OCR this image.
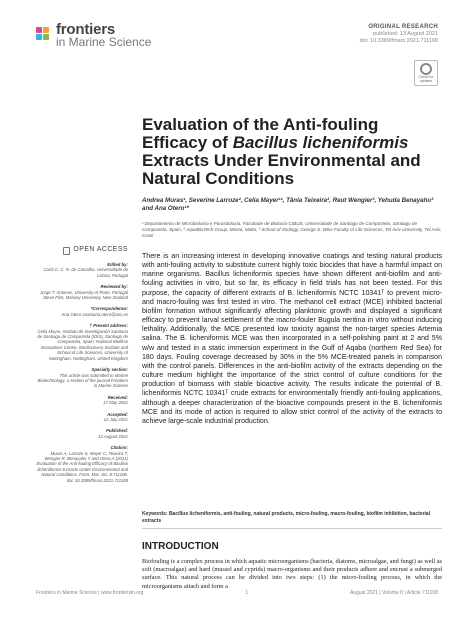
frontiers
in Marine Science
ORIGINAL RESEARCH
published: 13 August 2021
doi: 10.3389/fmars.2021.711108
Check for updates
Evaluation of the Anti-fouling Efficacy of Bacillus licheniformis Extracts Under Environmental and Natural Conditions
Andrea Muras¹, Severine Larroze², Celia Mayer¹¹, Tânia Teixeira², Reut Wengier³, Yehuda Benayahu³ and Ana Otero¹*
¹ Departamento de Microbioloxía e Parasitoloxía, Facultade de Bioloxía-CIBUS, Universidade de Santiago de Compostela, Santiago de Compostela, Spain, ² AquaBioTech Group, Mosta, Malta, ³ School of Zoology, George S. Wise Faculty of Life Sciences, Tel Aviv University, Tel Aviv, Israel
OPEN ACCESS
Edited by:
Carla C. C. R. de Carvalho, Universidade de Lisboa, Portugal
Reviewed by:
Jorge T. Antunes, University of Porto, Portugal Steve Flint, Massey University, New Zealand
*Correspondence:
Ana Otero anamaria.otero@usc.es
† Present address:
Celia Mayer, Instituto de Investigación Sanitaria de Santiago de Compostela (IDIS), Santiago de Compostela, Spain; National Biofilms Innovations Centre, Biodiscovery Institute and School of Life Sciences, University of Nottingham, Nottingham, United Kingdom
Specialty section:
This article was submitted to Marine Biotechnology, a section of the journal Frontiers in Marine Science
Received:
17 May 2021
Accepted:
12 July 2021
Published:
13 August 2021
Citation:
Muras A, Larroze S, Mayer C, Teixeira T, Wengier R, Benayahu Y and Otero A (2021) Evaluation of the Anti-fouling Efficacy of Bacillus licheniformis Extracts Under Environmental and Natural Conditions. Front. Mar. Sci. 8:711108. doi: 10.3389/fmars.2021.711108
There is an increasing interest in developing innovative coatings and testing natural products with anti-fouling activity to substitute current highly toxic biocides that have a harmful impact on marine organisms. Bacillus licheniformis species have shown different anti-biofilm and anti-fouling activities in vitro, but so far, its efficacy in field trials has not been tested. For this purpose, the capacity of different extracts of B. licheniformis NCTC 10341ᵀ to prevent micro- and macro-fouling was first tested in vitro. The methanol cell extract (MCE) inhibited bacterial biofilm formation without significantly affecting planktonic growth and displayed a significant efficacy to prevent larval settlement of the macro-fouler Bugula neritina in vitro without inducing lethality. Additionally, the MCE presented low toxicity against the non-target species Artemia salina. The B. licheniformis MCE was then incorporated in a self-polishing paint at 2 and 5% w/w and tested in a static immersion experiment in the Gulf of Aqaba (northern Red Sea) for 180 days. Fouling coverage decreased by 30% in the 5% MCE-treated panels in comparison with the control panels. Differences in the anti-biofilm activity of the extracts depending on the culture medium highlight the importance of the strict control of culture conditions for the production of biomass with stable bioactive activity. The results indicate the potential of B. licheniformis NCTC 10341ᵀ crude extracts for environmentally friendly anti-fouling applications, although a deeper characterization of the bioactive compounds present in the B. licheniformis MCE and its mode of action is required to allow strict control of the activity of the extracts to achieve large-scale industrial production.
Keywords: Bacillus licheniformis, anti-fouling, natural products, micro-fouling, macro-fouling, biofilm inhibition, bacterial extracts
INTRODUCTION
Biofouling is a complex process in which aquatic microorganisms (bacteria, diatoms, microalgae, and fungi) as well as soft (macroalgae) and hard (mussel and cyprids) macro-organisms and their products adhere and encrust a submerged surface. This natural process can be divided into two steps: (1) the micro-fouling process, in which the microorganisms attach and form a
Frontiers in Marine Science | www.frontiersin.org	1	August 2021 | Volume 8 | Article 711108
